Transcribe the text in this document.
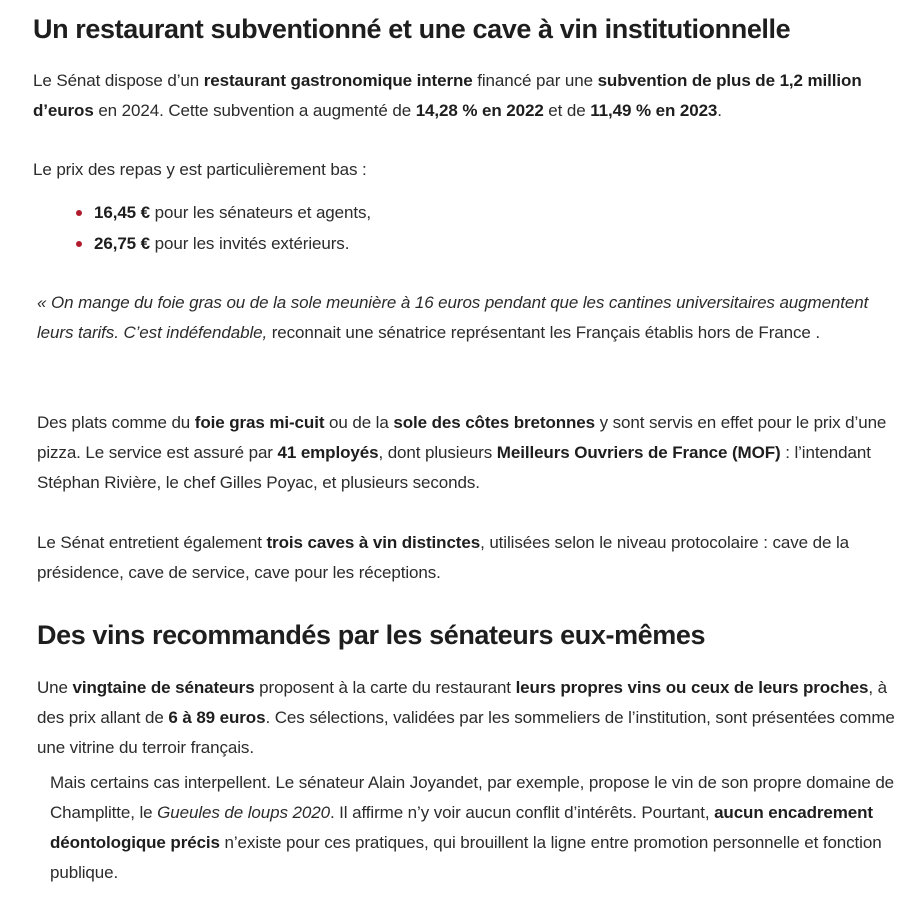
Un restaurant subventionné et une cave à vin institutionnelle

Le Sénat dispose d’un restaurant gastronomique interne financé par une subvention de plus de 1,2 million d’euros en 2024. Cette subvention a augmenté de 14,28 % en 2022 et de 11,49 % en 2023.

Le prix des repas y est particulièrement bas :

16,45 € pour les sénateurs et agents,
26,75 € pour les invités extérieurs.

« On mange du foie gras ou de la sole meunière à 16 euros pendant que les cantines universitaires augmentent leurs tarifs. C’est indéfendable, reconnait une sénatrice représentant les Français établis hors de France .

Des plats comme du foie gras mi-cuit ou de la sole des côtes bretonnes y sont servis en effet pour le prix d’une pizza. Le service est assuré par 41 employés, dont plusieurs Meilleurs Ouvriers de France (MOF) : l’intendant Stéphan Rivière, le chef Gilles Poyac, et plusieurs seconds.

Le Sénat entretient également trois caves à vin distinctes, utilisées selon le niveau protocolaire : cave de la présidence, cave de service, cave pour les réceptions.

Des vins recommandés par les sénateurs eux-mêmes

Une vingtaine de sénateurs proposent à la carte du restaurant leurs propres vins ou ceux de leurs proches, à des prix allant de 6 à 89 euros. Ces sélections, validées par les sommeliers de l’institution, sont présentées comme une vitrine du terroir français.

Mais certains cas interpellent. Le sénateur Alain Joyandet, par exemple, propose le vin de son propre domaine de Champlitte, le Gueules de loups 2020. Il affirme n’y voir aucun conflit d’intérêts. Pourtant, aucun encadrement déontologique précis n’existe pour ces pratiques, qui brouillent la ligne entre promotion personnelle et fonction publique.
